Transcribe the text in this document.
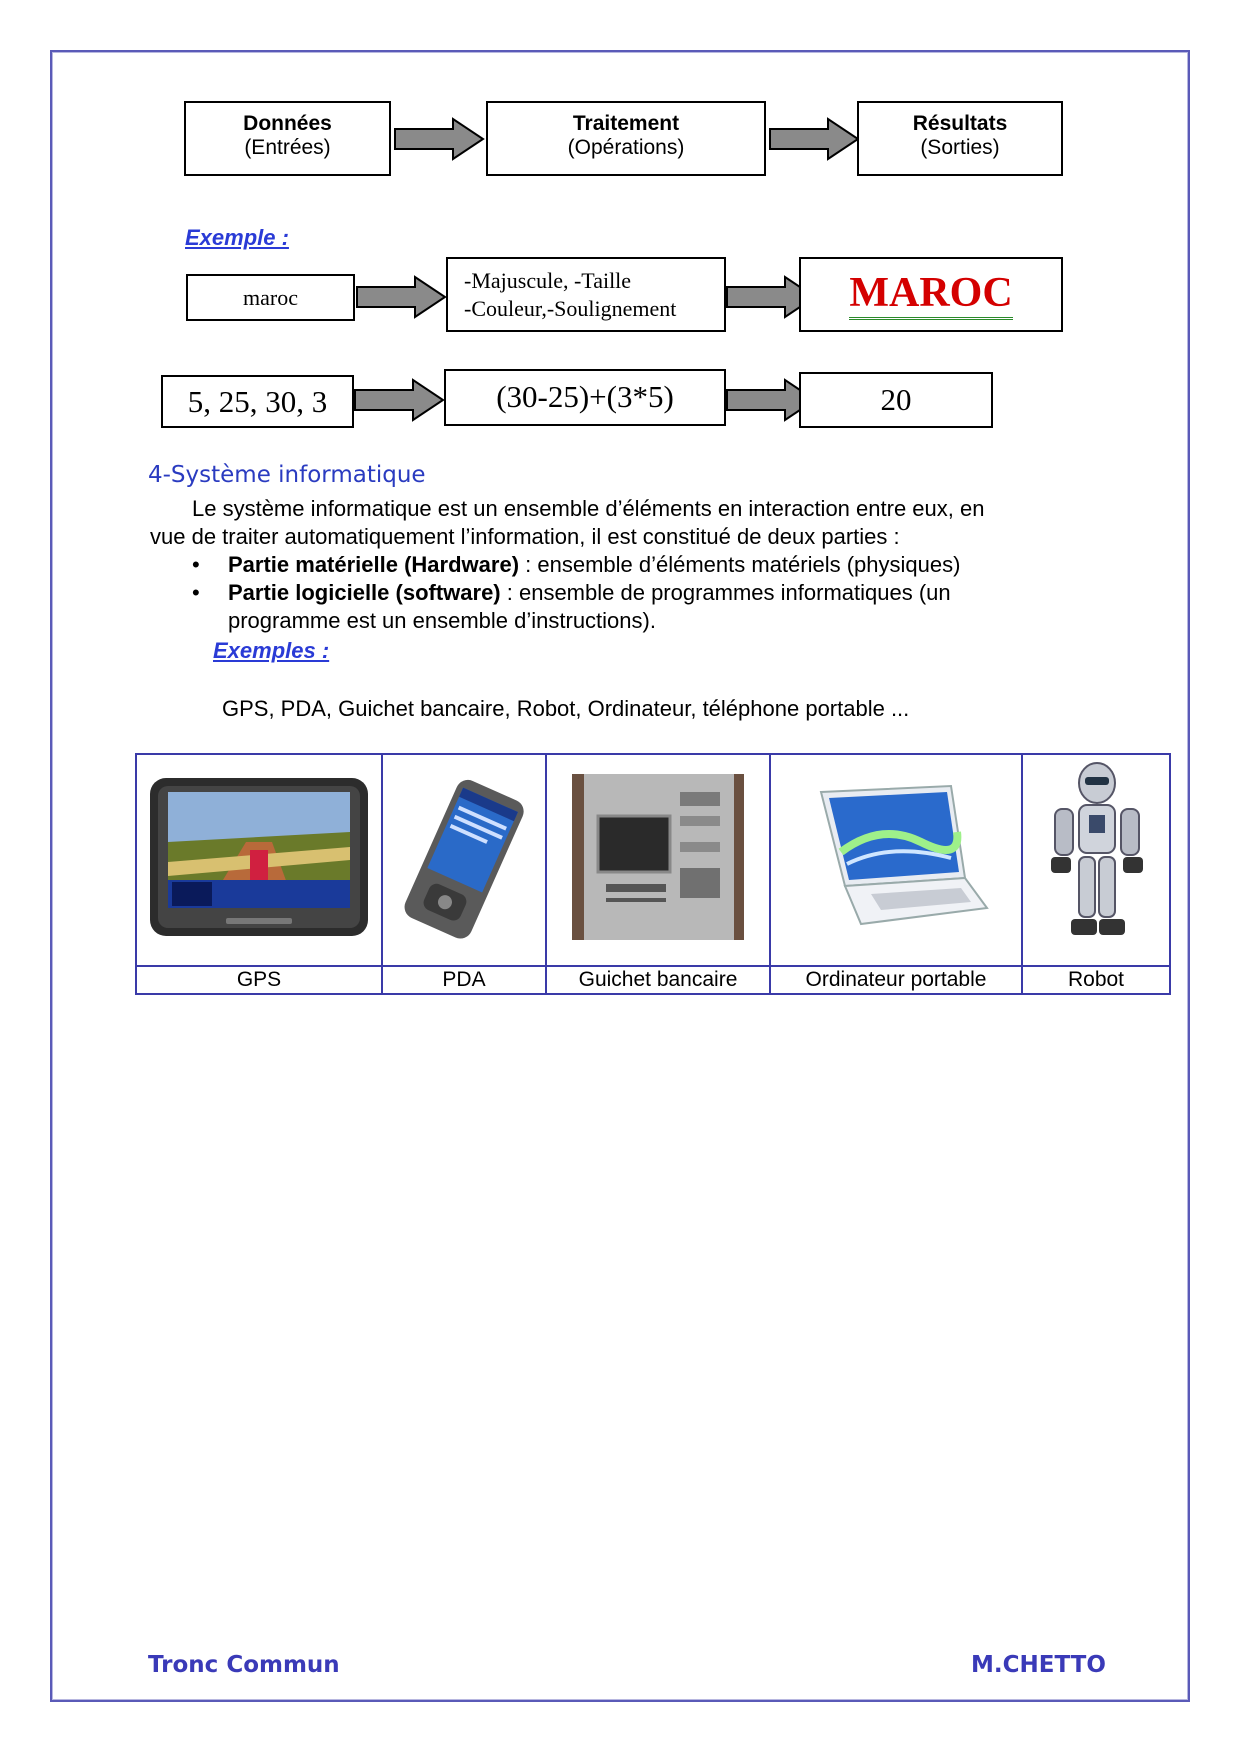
Données
(Entrées)
Traitement
(Opérations)
Résultats
(Sorties)
Exemple :
maroc
-Majuscule, -Taille
-Couleur,-Soulignement	MAROC
5, 25, 30, 3	(30-25)+(3*5)	20
4-Système informatique
Le système informatique est un ensemble d’éléments en interaction entre eux, en
vue de traiter automatiquement l’information, il est constitué de deux parties :
• Partie matérielle (Hardware) : ensemble d’éléments matériels (physiques)
• Partie logicielle (software) : ensemble de programmes informatiques (un
programme est un ensemble d’instructions).
Exemples :
GPS, PDA, Guichet bancaire, Robot, Ordinateur, téléphone portable ...

GPS	PDA	Guichet bancaire	Ordinateur portable	Robot
Tronc Commun	M.CHETTO
